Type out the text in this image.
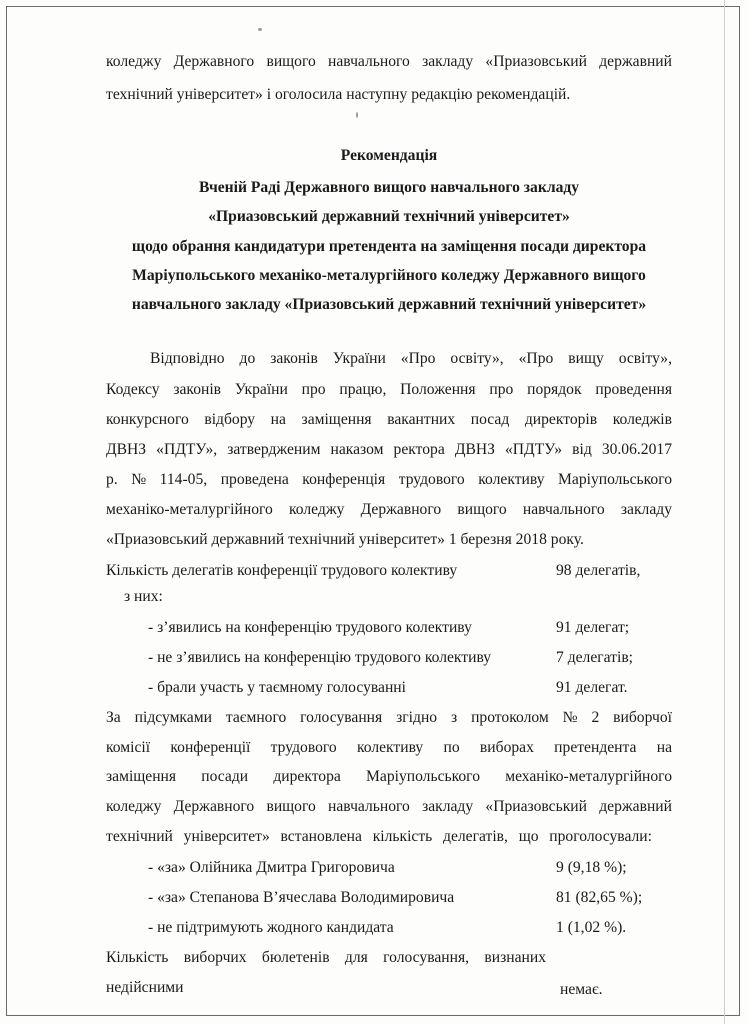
коледжу Державного вищого навчального закладу «Приазовський державний
технічний університет» і оголосила наступну редакцію рекомендацій.
Рекомендація
Вченій Раді Державного вищого навчального закладу
«Приазовський державний технічний університет»
щодо обрання кандидатури претендента на заміщення посади директора
Маріупольського механіко-металургійного коледжу Державного вищого
навчального закладу «Приазовський державний технічний університет»
Відповідно до законів України «Про освіту», «Про вищу освіту»,
Кодексу законів України про працю, Положення про порядок проведення
конкурсного відбору на заміщення вакантних посад директорів коледжів
ДВНЗ «ПДТУ», затвердженим наказом ректора ДВНЗ «ПДТУ» від 30.06.2017
р. № 114-05, проведена конференція трудового колективу Маріупольського
механіко-металургійного коледжу Державного вищого навчального закладу
«Приазовський державний технічний університет» 1 березня 2018 року.
Кількість делегатів конференції трудового колективу	98 делегатів,
з них:
- з’явились на конференцію трудового колективу	91 делегат;
- не з’явились на конференцію трудового колективу	7 делегатів;
- брали участь у таємному голосуванні	91 делегат.
За підсумками таємного голосування згідно з протоколом № 2 виборчої
комісії конференції трудового колективу по виборах претендента на
заміщення посади директора Маріупольського механіко-металургійного
коледжу Державного вищого навчального закладу «Приазовський державний
технічний університет» встановлена кількість делегатів, що проголосували:
- «за» Олійника Дмитра Григоровича	9 (9,18 %);
- «за» Степанова В’ячеслава Володимировича	81 (82,65 %);
- не підтримують жодного кандидата	1 (1,02 %).
Кількість виборчих бюлетенів для голосування, визнаних
недійсними	немає.
